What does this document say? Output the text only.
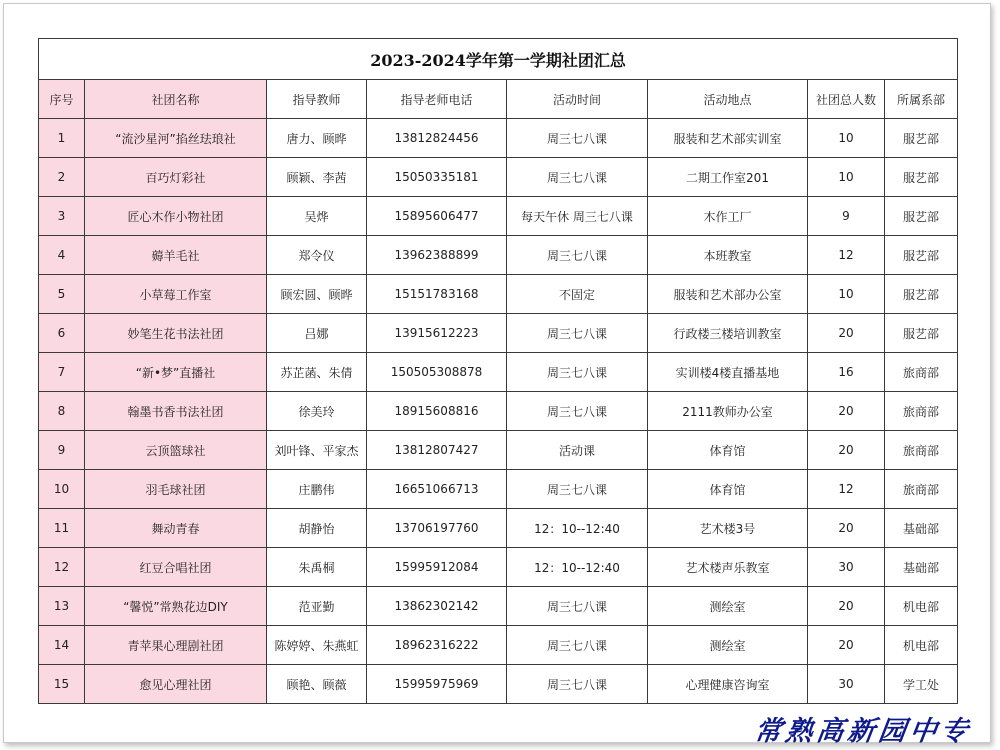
2023-2024学年第一学期社团汇总							
序号	社团名称	指导教师	指导老师电话	活动时间	活动地点	社团总人数	所属系部
1	“流沙星河”掐丝珐琅社	唐力、顾晔	13812824456	周三七八课	服装和艺术部实训室	10	服艺部
2	百巧灯彩社	顾颖、李茜	15050335181	周三七八课	二期工作室201	10	服艺部
3	匠心木作小物社团	吴烨	15895606477	每天午休 周三七八课	木作工厂	9	服艺部
4	薅羊毛社	郑令仪	13962388899	周三七八课	本班教室	12	服艺部
5	小草莓工作室	顾宏圆、顾晔	15151783168	不固定	服装和艺术部办公室	10	服艺部
6	妙笔生花书法社团	吕娜	13915612223	周三七八课	行政楼三楼培训教室	20	服艺部
7	“新•梦”直播社	苏芷菡、朱倩	150505308878	周三七八课	实训楼4楼直播基地	16	旅商部
8	翰墨书香书法社团	徐美玲	18915608816	周三七八课	2111教师办公室	20	旅商部
9	云顶篮球社	刘叶锋、平家杰	13812807427	活动课	体育馆	20	旅商部
10	羽毛球社团	庄鹏伟	16651066713	周三七八课	体育馆	12	旅商部
11	舞动青春	胡静怡	13706197760	12：10--12:40	艺术楼3号	20	基础部
12	红豆合唱社团	朱禹桐	15995912084	12：10--12:40	艺术楼声乐教室	30	基础部
13	“馨悦”常熟花边DIY	范亚勤	13862302142	周三七八课	测绘室	20	机电部
14	青苹果心理剧社团	陈婷婷、朱燕虹	18962316222	周三七八课	测绘室	20	机电部
15	愈见心理社团	顾艳、顾薇	15995975969	周三七八课	心理健康咨询室	30	学工处
常熟高新园中专
